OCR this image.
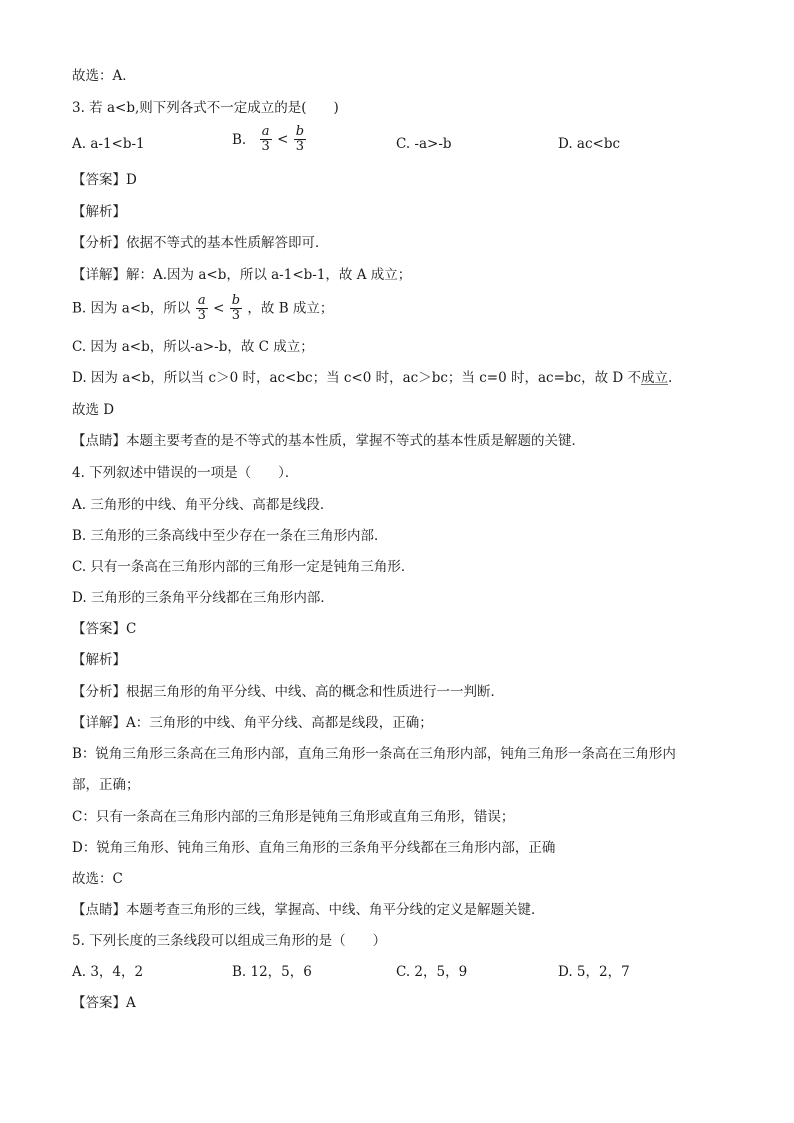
故选：A．
3. 若 a<b,则下列各式不一定成立的是(　　)
A. a-1<b-1	B. $\frac{a}{3} < \frac{b}{3}$	C. -a>-b	D. ac<bc
【答案】D
【解析】
【分析】依据不等式的基本性质解答即可．
【详解】解：A.因为 a<b，所以 a-1<b-1，故 A 成立；
B. 因为 a<b，所以 $\frac{a}{3} < \frac{b}{3}$ ，故 B 成立；
C. 因为 a<b，所以-a>-b，故 C 成立；
D. 因为 a<b，所以当 c＞0 时，ac<bc；当 c<0 时，ac＞bc；当 c=0 时，ac=bc，故 D 不成立.
故选 D
【点睛】本题主要考查的是不等式的基本性质，掌握不等式的基本性质是解题的关键．
4. 下列叙述中错误的一项是（　　）．
A. 三角形的中线、角平分线、高都是线段．
B. 三角形的三条高线中至少存在一条在三角形内部．
C. 只有一条高在三角形内部的三角形一定是钝角三角形．
D. 三角形的三条角平分线都在三角形内部．
【答案】C
【解析】
【分析】根据三角形的角平分线、中线、高的概念和性质进行一一判断．
【详解】A：三角形的中线、角平分线、高都是线段，正确；
B：锐角三角形三条高在三角形内部，直角三角形一条高在三角形内部，钝角三角形一条高在三角形内
部，正确；
C：只有一条高在三角形内部的三角形是钝角三角形或直角三角形，错误；
D：锐角三角形、钝角三角形、直角三角形的三条角平分线都在三角形内部，正确
故选：C
【点睛】本题考查三角形的三线，掌握高、中线、角平分线的定义是解题关键．
5. 下列长度的三条线段可以组成三角形的是（　　）
A. 3，4，2	B. 12，5，6	C. 2，5，9	D. 5，2，7
【答案】A
